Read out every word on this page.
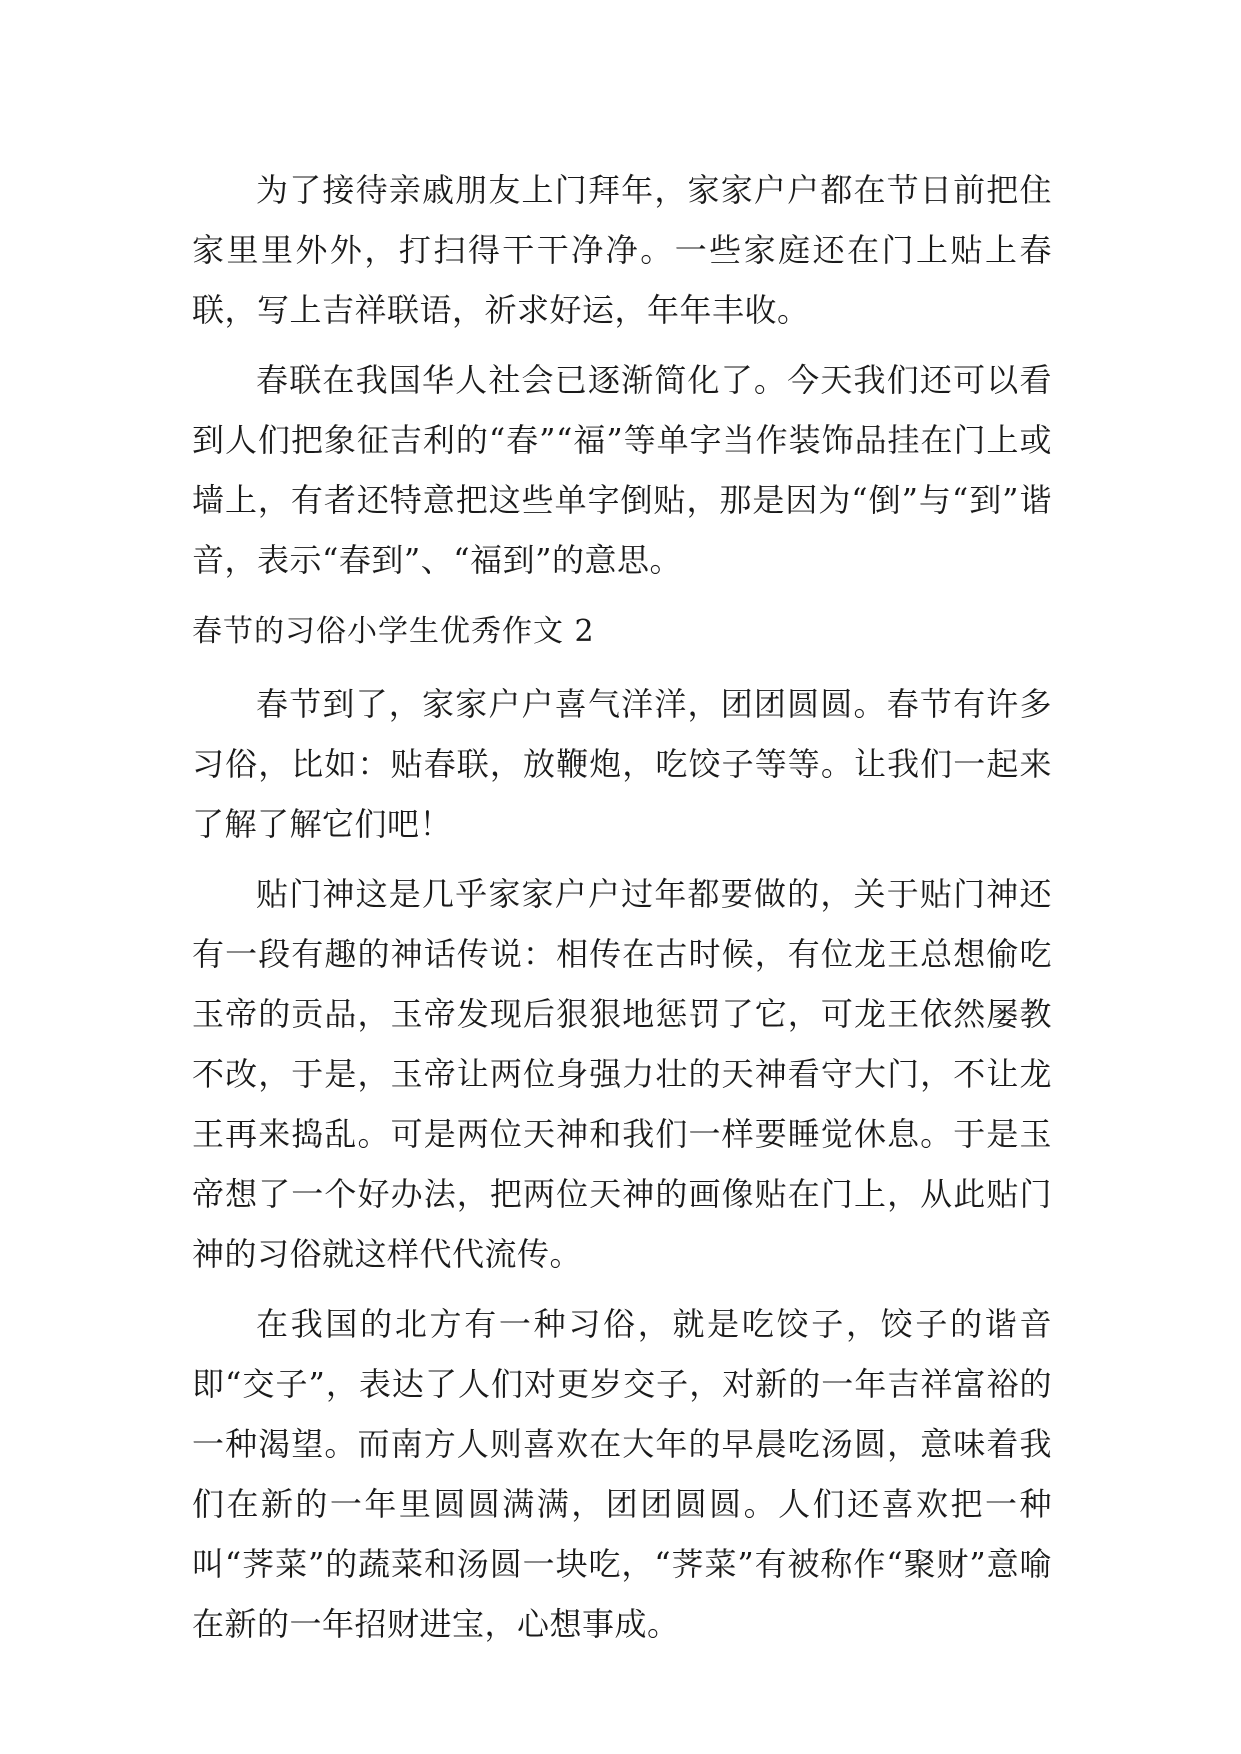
为了接待亲戚朋友上门拜年，家家户户都在节日前把住家里里外外，打扫得干干净净。一些家庭还在门上贴上春联，写上吉祥联语，祈求好运，年年丰收。

春联在我国华人社会已逐渐简化了。今天我们还可以看到人们把象征吉利的“春”“福”等单字当作装饰品挂在门上或墙上，有者还特意把这些单字倒贴，那是因为“倒”与“到”谐音，表示“春到”、“福到”的意思。

春节的习俗小学生优秀作文 2

春节到了，家家户户喜气洋洋，团团圆圆。春节有许多习俗，比如：贴春联，放鞭炮，吃饺子等等。让我们一起来了解了解它们吧！

贴门神这是几乎家家户户过年都要做的，关于贴门神还有一段有趣的神话传说：相传在古时候，有位龙王总想偷吃玉帝的贡品，玉帝发现后狠狠地惩罚了它，可龙王依然屡教不改，于是，玉帝让两位身强力壮的天神看守大门，不让龙王再来捣乱。可是两位天神和我们一样要睡觉休息。于是玉帝想了一个好办法，把两位天神的画像贴在门上，从此贴门神的习俗就这样代代流传。

在我国的北方有一种习俗，就是吃饺子，饺子的谐音即“交子”，表达了人们对更岁交子，对新的一年吉祥富裕的一种渴望。而南方人则喜欢在大年的早晨吃汤圆，意味着我们在新的一年里圆圆满满，团团圆圆。人们还喜欢把一种叫“荠菜”的蔬菜和汤圆一块吃，“荠菜”有被称作“聚财”意喻在新的一年招财进宝，心想事成。
